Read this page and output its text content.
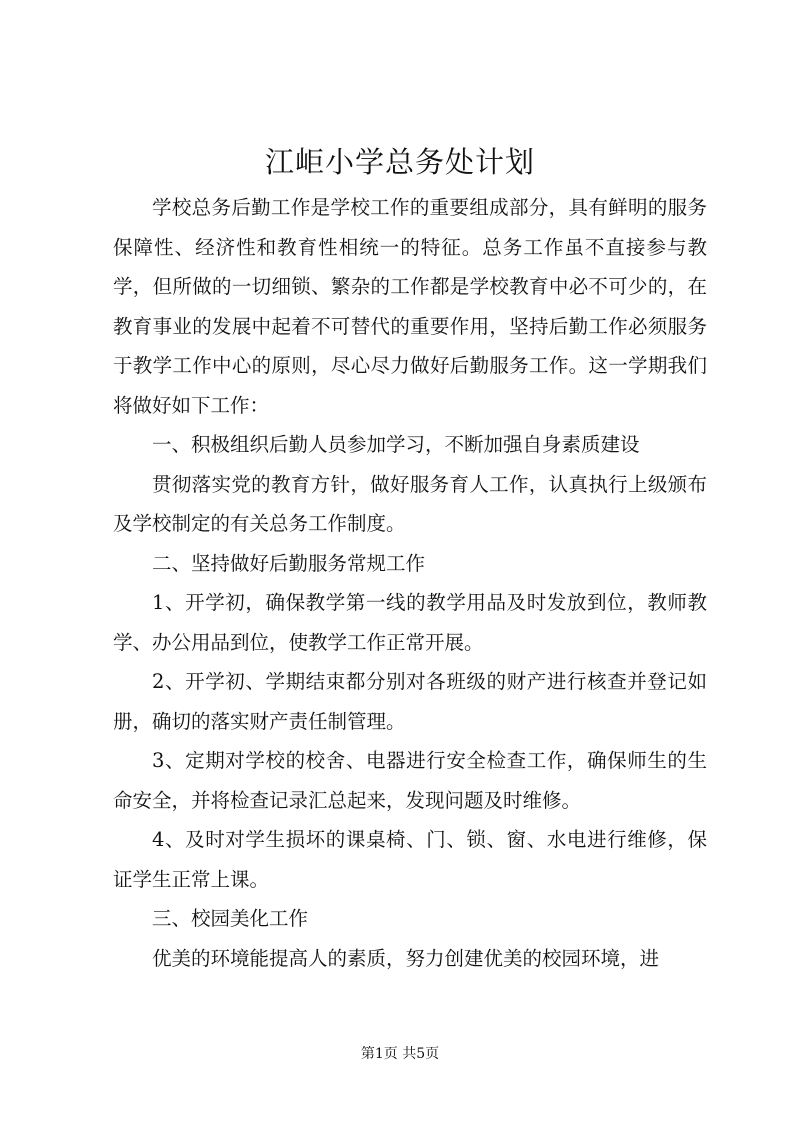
江岠小学总务处计划

学校总务后勤工作是学校工作的重要组成部分，具有鲜明的服务保障性、经济性和教育性相统一的特征。总务工作虽不直接参与教学，但所做的一切细锁、繁杂的工作都是学校教育中必不可少的，在教育事业的发展中起着不可替代的重要作用，坚持后勤工作必须服务于教学工作中心的原则，尽心尽力做好后勤服务工作。这一学期我们将做好如下工作：

一、积极组织后勤人员参加学习，不断加强自身素质建设

贯彻落实党的教育方针，做好服务育人工作，认真执行上级颁布及学校制定的有关总务工作制度。

二、坚持做好后勤服务常规工作

1、开学初，确保教学第一线的教学用品及时发放到位，教师教学、办公用品到位，使教学工作正常开展。

2、开学初、学期结束都分别对各班级的财产进行核查并登记如册，确切的落实财产责任制管理。

3、定期对学校的校舍、电器进行安全检查工作，确保师生的生命安全，并将检查记录汇总起来，发现问题及时维修。

4、及时对学生损坏的课桌椅、门、锁、窗、水电进行维修，保证学生正常上课。

三、校园美化工作

优美的环境能提高人的素质，努力创建优美的校园环境，进

第1页 共5页
